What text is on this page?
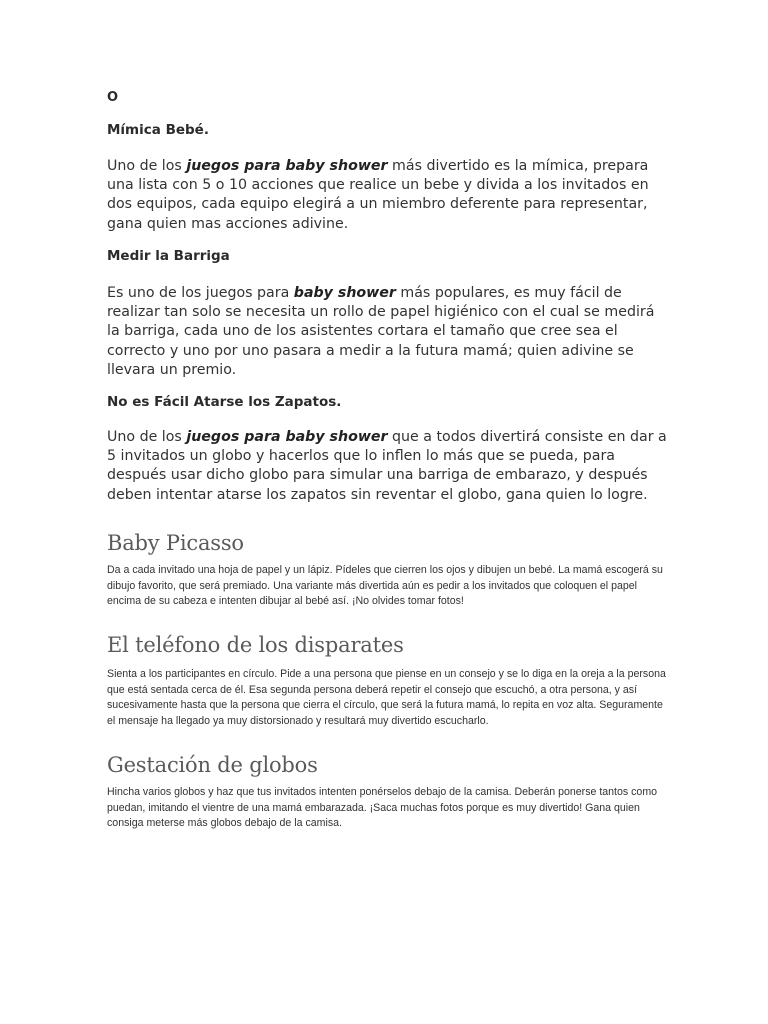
O
Mímica Bebé.

Uno de los juegos para baby shower más divertido es la mímica, prepara una lista con 5 o 10 acciones que realice un bebe y divida a los invitados en dos equipos, cada equipo elegirá a un miembro deferente para representar, gana quien mas acciones adivine.

Medir la Barriga

Es uno de los juegos para baby shower más populares, es muy fácil de realizar tan solo se necesita un rollo de papel higiénico con el cual se medirá la barriga, cada uno de los asistentes cortara el tamaño que cree sea el correcto y uno por uno pasara a medir a la futura mamá; quien adivine se llevara un premio.

No es Fácil Atarse los Zapatos.

Uno de los juegos para baby shower que a todos divertirá consiste en dar a 5 invitados un globo y hacerlos que lo inflen lo más que se pueda, para después usar dicho globo para simular una barriga de embarazo, y después deben intentar atarse los zapatos sin reventar el globo, gana quien lo logre.

Baby Picasso

Da a cada invitado una hoja de papel y un lápiz. Pídeles que cierren los ojos y dibujen un bebé. La mamá escogerá su dibujo favorito, que será premiado. Una variante más divertida aún es pedir a los invitados que coloquen el papel encima de su cabeza e intenten dibujar al bebé así. ¡No olvides tomar fotos!

El teléfono de los disparates

Sienta a los participantes en círculo. Pide a una persona que piense en un consejo y se lo diga en la oreja a la persona que está sentada cerca de él. Esa segunda persona deberá repetir el consejo que escuchó, a otra persona, y así sucesivamente hasta que la persona que cierra el círculo, que será la futura mamá, lo repita en voz alta. Seguramente el mensaje ha llegado ya muy distorsionado y resultará muy divertido escucharlo.

Gestación de globos

Hincha varios globos y haz que tus invitados intenten ponérselos debajo de la camisa. Deberán ponerse tantos como puedan, imitando el vientre de una mamá embarazada. ¡Saca muchas fotos porque es muy divertido! Gana quien consiga meterse más globos debajo de la camisa.
